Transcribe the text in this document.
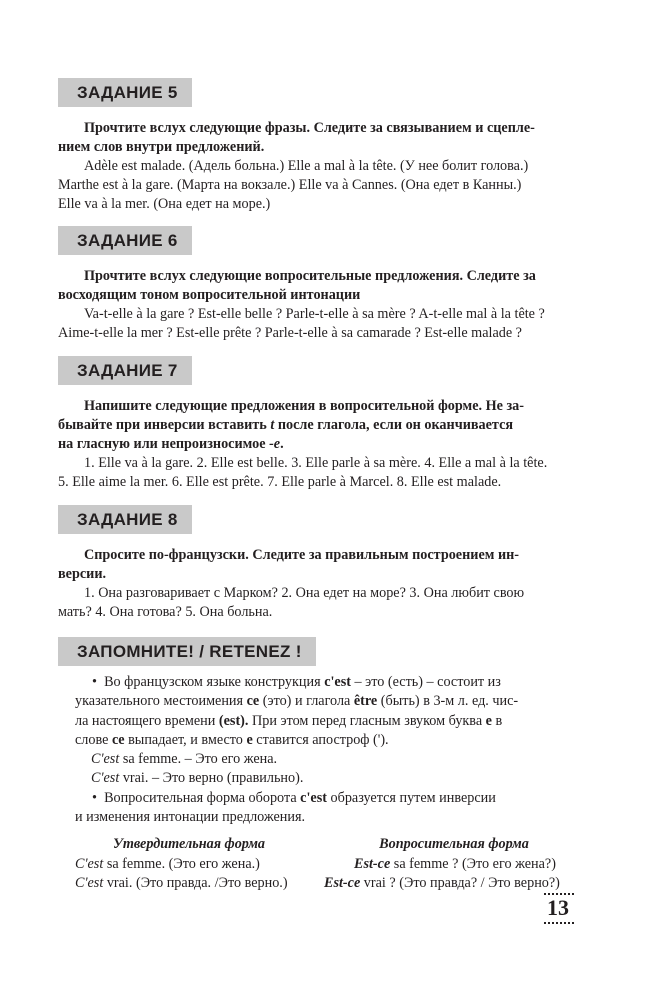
ЗАДАНИЕ 5

Прочтите вслух следующие фразы. Следите за связыванием и сцепле-
нием слов внутри предложений.

Adèle est malade. (Адель больна.) Elle a mal à la tête. (У нее болит голова.)

Marthe est à la gare. (Марта на вокзале.) Elle va à Cannes. (Она едет в Канны.)

Elle va à la mer. (Она едет на море.)

ЗАДАНИЕ 6

Прочтите вслух следующие вопросительные предложения. Следите за
восходящим тоном вопросительной интонации

Va-t-elle à la gare ? Est-elle belle ? Parle-t-elle à sa mère ? A-t-elle mal à la tête ?

Aime-t-elle la mer ? Est-elle prête ? Parle-t-elle à sa camarade ? Est-elle malade ?

ЗАДАНИЕ 7

Напишите следующие предложения в вопросительной форме. Не за-
бывайте при инверсии вставить t после глагола, если он оканчивается
на гласную или непроизносимое -e.

1. Elle va à la gare. 2. Elle est belle. 3. Elle parle à sa mère. 4. Elle a mal à la tête.

5. Elle aime la mer. 6. Elle est prête. 7. Elle parle à Marcel. 8. Elle est malade.

ЗАДАНИЕ 8

Спросите по-французски. Следите за правильным построением ин-
версии.

1. Она разговаривает с Марком? 2. Она едет на море? 3. Она любит свою

мать? 4. Она готова? 5. Она больна.

ЗАПОМНИТЕ! / RETENEZ !

• Во французском языке конструкция c'est – это (есть) – состоит из
указательного местоимения ce (это) и глагола être (быть) в 3-м л. ед. чис-
ла настоящего времени (est). При этом перед гласным звуком буква e в
слове ce выпадает, и вместо e ставится апостроф (').

C'est sa femme. – Это его жена.

C'est vrai. – Это верно (правильно).

• Вопросительная форма оборота c'est образуется путем инверсии
и изменения интонации предложения.

Утвердительная форма	Вопросительная форма
C'est sa femme. (Это его жена.)	Est-ce sa femme ? (Это его жена?)
C'est vrai. (Это правда. /Это верно.)	Est-ce vrai ? (Это правда? / Это верно?)
13
